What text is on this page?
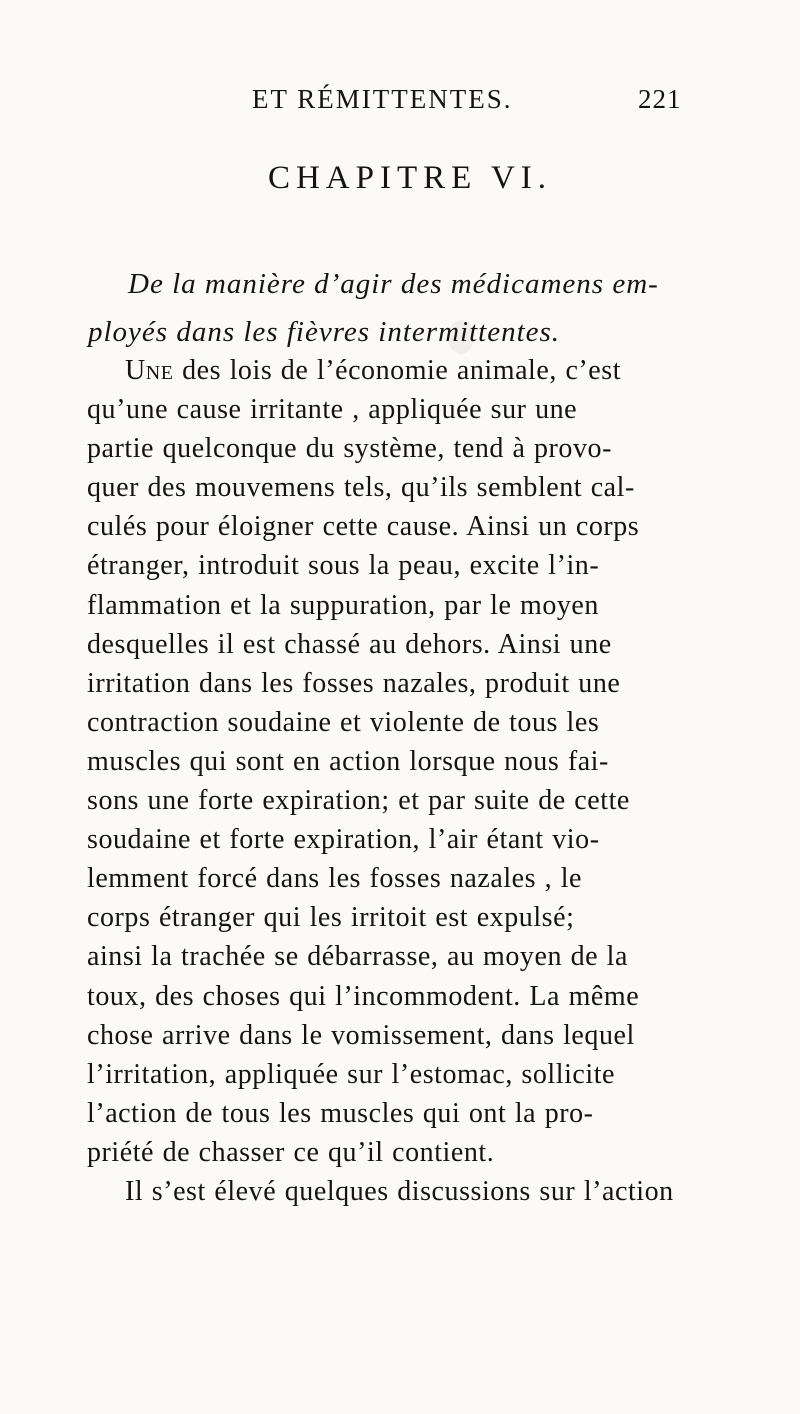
ET RÉMITTENTES.	221
CHAPITRE VI.
De la manière d’agir des médicamens em-
ployés dans les fièvres intermittentes.
Une des lois de l’économie animale, c’est
qu’une cause irritante , appliquée sur une
partie quelconque du système, tend à provo-
quer des mouvemens tels, qu’ils semblent cal-
culés pour éloigner cette cause. Ainsi un corps
étranger, introduit sous la peau, excite l’in-
flammation et la suppuration, par le moyen
desquelles il est chassé au dehors. Ainsi une
irritation dans les fosses nazales, produit une
contraction soudaine et violente de tous les
muscles qui sont en action lorsque nous fai-
sons une forte expiration; et par suite de cette
soudaine et forte expiration, l’air étant vio-
lemment forcé dans les fosses nazales , le
corps étranger qui les irritoit est expulsé;
ainsi la trachée se débarrasse, au moyen de la
toux, des choses qui l’incommodent. La même
chose arrive dans le vomissement, dans lequel
l’irritation, appliquée sur l’estomac, sollicite
l’action de tous les muscles qui ont la pro-
priété de chasser ce qu’il contient.
Il s’est élevé quelques discussions sur l’action
